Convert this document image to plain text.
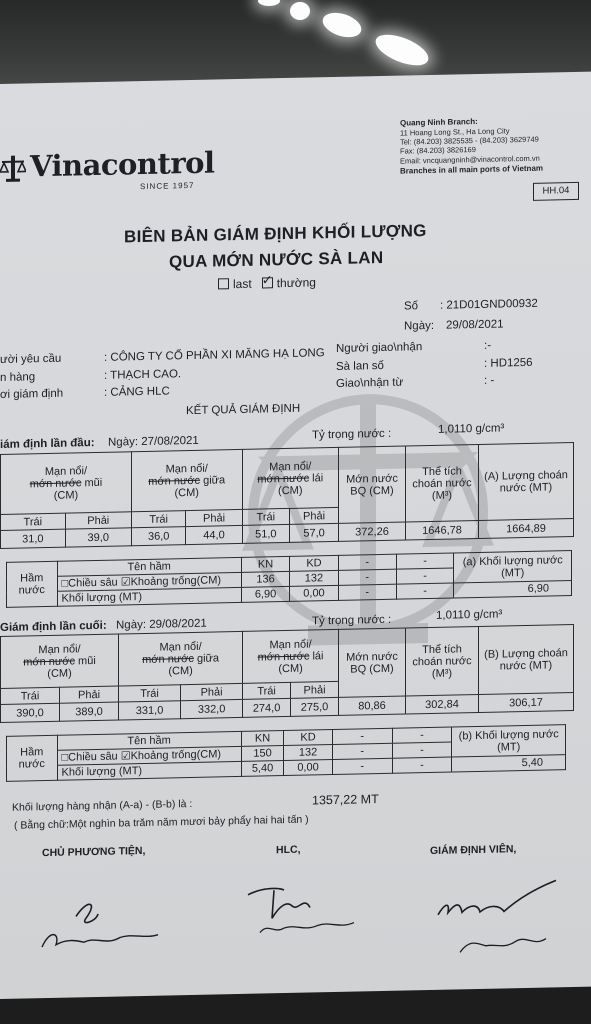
Vinacontrol
SINCE 1957
Quang Ninh Branch:
11 Hoang Long St., Ha Long City
Tel: (84.203) 3825535 - (84.203) 3629749
Fax: (84.203) 3826169
Email: vncquangninh@vinacontrol.com.vn
Branches in all main ports of Vietnam
HH.04
BIÊN BẢN GIÁM ĐỊNH KHỐI LƯỢNG
QUA MỚN NƯỚC SÀ LAN
last ✓ thường
Số : 21D01GND00932
Ngày: 29/08/2021
ười yêu cầu	: CÔNG TY CỔ PHẦN XI MĂNG HẠ LONG
n hàng	: THẠCH CAO.
ơi giám định	: CẢNG HLC
Người giao\nhận	:-
Sà lan số	: HD1256
Giao\nhận từ	: -
KẾT QUẢ GIÁM ĐỊNH
iám định lần đầu: Ngày: 27/08/2021
Tỷ trọng nước :	1,0110 g/cm³
Mạn nổi/
mớn nước mũi
(CM)		Mạn nổi/
mớn nước giữa
(CM)		Mạn nổi/
mớn nước lái
(CM)		Mớn nước BQ (CM)	Thể tích choán nước
(M³)	(A) Lượng choán nước (MT)
Trái	Phải	Trái	Phải	Trái	Phải			
31,0	39,0	36,0	44,0	51,0	57,0	372,26	1646,78	1664,89
Hầm nước	Tên hầm	KN	KD	-	-	(a) Khối lượng nước (MT)
	□Chiều sâu ☑Khoảng trống(CM)	136	132	-	-	
	Khối lượng (MT)	6,90	0,00	-	-	6,90
Giám định lần cuối: Ngày: 29/08/2021	Tỷ trọng nước :	1,0110 g/cm³
Mạn nổi/
mớn nước mũi
(CM)		Mạn nổi/
mớn nước giữa
(CM)		Mạn nổi/
mớn nước lái
(CM)		Mớn nước BQ (CM)	Thể tích choán nước
(M³)	(B) Lượng choán nước (MT)
Trái	Phải	Trái	Phải	Trái	Phải			
390,0	389,0	331,0	332,0	274,0	275,0	80,86	302,84	306,17
Hầm nước	Tên hầm	KN	KD	-	-	(b) Khối lượng nước (MT)
	□Chiều sâu ☑Khoảng trống(CM)	150	132	-	-	
	Khối lượng (MT)	5,40	0,00	-	-	5,40
Khối lượng hàng nhận (A-a) - (B-b) là :	1357,22 MT
( Bằng chữ:Một nghìn ba trăm năm mươi bảy phẩy hai hai tấn )
CHỦ PHƯƠNG TIỆN,	HLC,	GIÁM ĐỊNH VIÊN,
IMPROVE QUALITY, TOWARD SUCCESS
